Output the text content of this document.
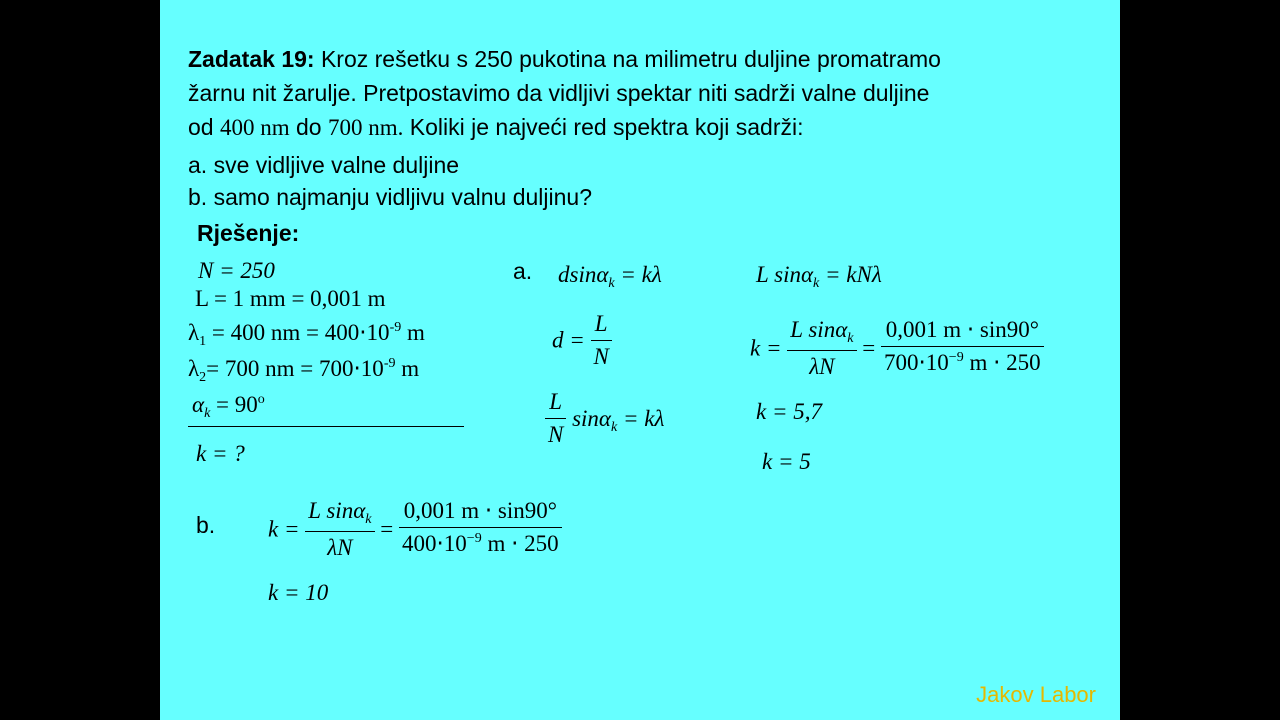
Zadatak 19: Kroz rešetku s 250 pukotina na milimetru duljine promatramo
žarnu nit žarulje. Pretpostavimo da vidljivi spektar niti sadrži valne duljine
od 400 nm do 700 nm. Koliki je najveći red spektra koji sadrži:
a. sve vidljive valne duljine
b. samo najmanju vidljivu valnu duljinu?
Rješenje:
N = 250
L = 1 mm = 0,001 m
$\lambda_1 = 400$ nm = $400\cdot 10^{-9}$ m
$\lambda_2= 700$ nm = $700\cdot 10^{-9}$ m
$\alpha_k = 90^o$
k = ?
a. dsinα$_k$ = kλ
$d = \frac{L}{N}$
$\frac{L}{N} \sin\alpha_k = k\lambda$
L sinα$_k$ = kNλ
$k = \frac{L \sin\alpha_k}{\lambda N} = \frac{0,001 m \cdot \sin 90^\circ}{700\cdot 10^{-9} m \cdot 250}$
k = 5,7
k = 5
b. $k = \frac{L \sin\alpha_k}{\lambda N} = \frac{0,001 m \cdot \sin 90^\circ}{400\cdot 10^{-9} m \cdot 250}$
k = 10
Jakov Labor
